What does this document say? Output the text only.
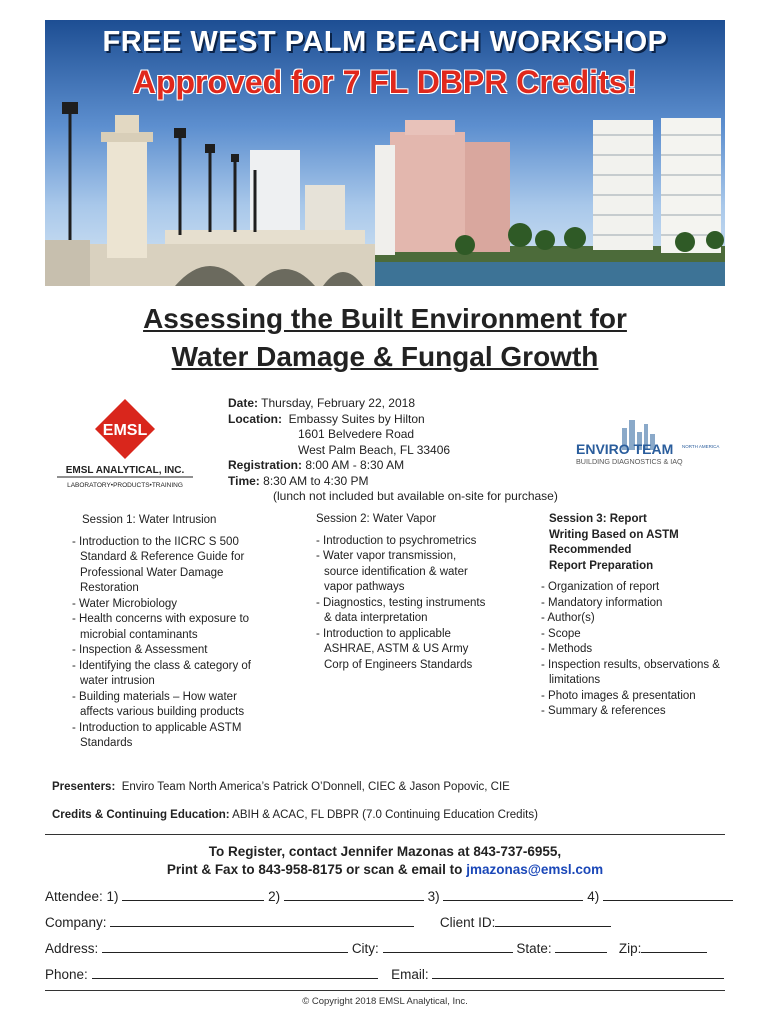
FREE WEST PALM BEACH WORKSHOP
Approved for 7 FL DBPR Credits!
Assessing the Built Environment for
Water Damage & Fungal Growth
EMSL
EMSL ANALYTICAL, INC.
LABORATORY•PRODUCTS•TRAINING
ENVIRO TEAM NORTH AMERICA
BUILDING DIAGNOSTICS & IAQ
Date: Thursday, February 22, 2018
Location: Embassy Suites by Hilton
1601 Belvedere Road
West Palm Beach, FL 33406
Registration: 8:00 AM - 8:30 AM
Time: 8:30 AM to 4:30 PM
(lunch not included but available on-site for purchase)
Session 1: Water Intrusion
- Introduction to the IICRC S 500 Standard & Reference Guide for Professional Water Damage Restoration
- Water Microbiology
- Health concerns with exposure to microbial contaminants
- Inspection & Assessment
- Identifying the class & category of water intrusion
- Building materials – How water affects various building products
- Introduction to applicable ASTM Standards
Session 2: Water Vapor
- Introduction to psychrometrics
- Water vapor transmission, source identification & water vapor pathways
- Diagnostics, testing instruments & data interpretation
- Introduction to applicable ASHRAE, ASTM & US Army Corp of Engineers Standards
Session 3: Report
Writing Based on ASTM
Recommended
Report Preparation
- Organization of report
- Mandatory information
- Author(s)
- Scope
- Methods
- Inspection results, observations & limitations
- Photo images & presentation
- Summary & references
Presenters: Enviro Team North America’s Patrick O’Donnell, CIEC & Jason Popovic, CIE
Credits & Continuing Education: ABIH & ACAC, FL DBPR (7.0 Continuing Education Credits)
To Register, contact Jennifer Mazonas at 843-737-6955,
Print & Fax to 843-958-8175 or scan & email to jmazonas@emsl.com
Attendee: 1)	2)	3)	4)
Company:	Client ID:
Address:	City:	State:	Zip:
Phone:	Email:
© Copyright 2018 EMSL Analytical, Inc.
